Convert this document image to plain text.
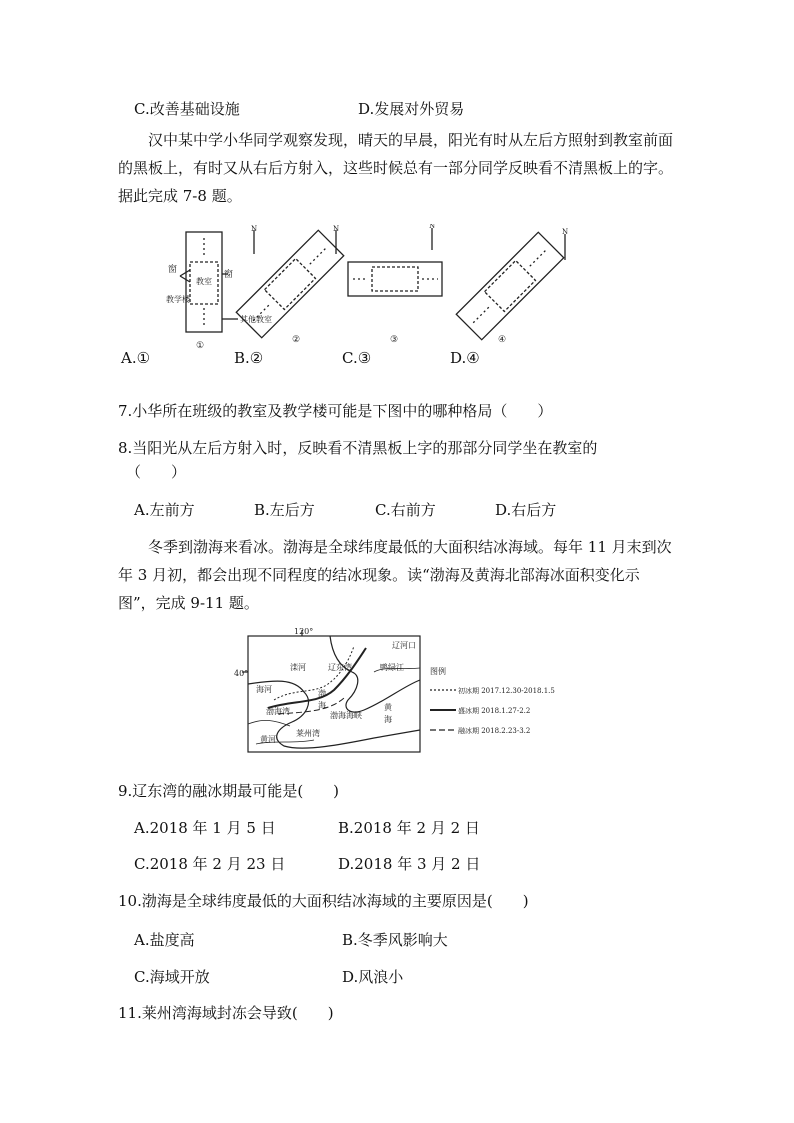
C.改善基础设施	D.发展对外贸易
汉中某中学小华同学观察发现，晴天的早晨，阳光有时从左后方照射到教室前面的黑板上，有时又从右后方射入，这些时候总有一部分同学反映看不清黑板上的字。据此完成 7-8 题。
窗	窗
教室
教学楼
其他教室
①
②	③	④
N	N	N
N
A.①	B.②	C.③	D.④
7.小华所在班级的教室及教学楼可能是下图中的哪种格局（　　）
8.当阳光从左后方射入时，反映看不清黑板上字的那部分同学坐在教室的
（　　）
A.左前方	B.左后方	C.右前方	D.右后方
冬季到渤海来看冰。渤海是全球纬度最低的大面积结冰海域。每年 11 月末到次年 3 月初，都会出现不同程度的结冰现象。读“渤海及黄海北部海冰面积变化示图”，完成 9-11 题。
120°
40°
辽河口
滦河	辽东湾	鸭绿江
海河
渤海湾
渤
海
渤海海峡
黄
海
黄河
莱州湾
图例
初冰期 2017.12.30-2018.1.5
盛冰期 2018.1.27-2.2
融冰期 2018.2.23-3.2
9.辽东湾的融冰期最可能是(　　)
A.2018 年 1 月 5 日	B.2018 年 2 月 2 日
C.2018 年 2 月 23 日	D.2018 年 3 月 2 日
10.渤海是全球纬度最低的大面积结冰海域的主要原因是(　　)
A.盐度高	B.冬季风影响大
C.海域开放	D.风浪小
11.莱州湾海域封冻会导致(　　)
